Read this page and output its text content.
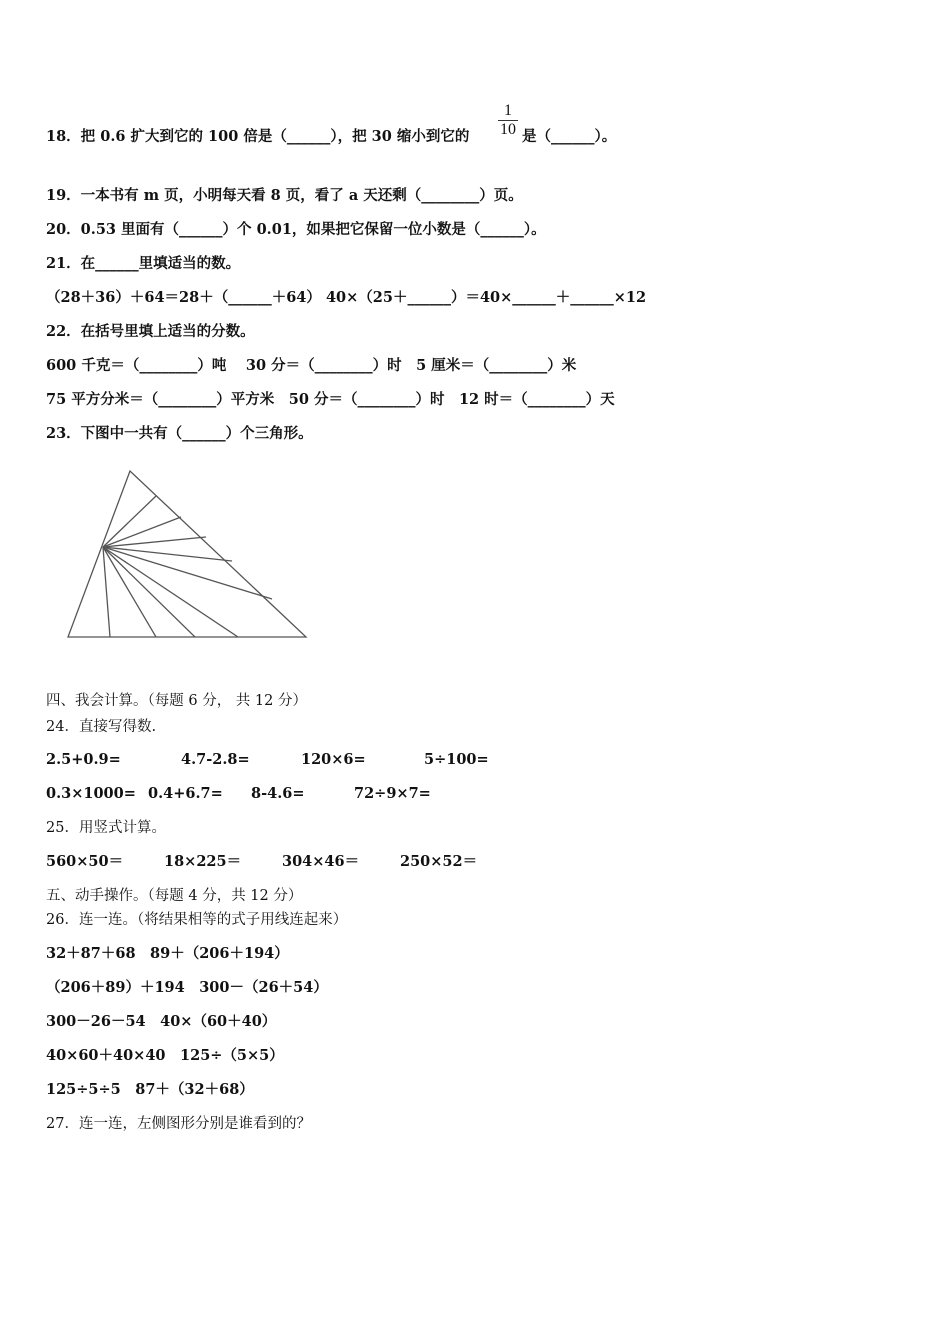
18．把 0.6 扩大到它的 100 倍是（______），把 30 缩小到它的
1
10 是（______）。
19．一本书有 m 页，小明每天看 8 页，看了 a 天还剩（________）页。
20．0.53 里面有（______）个 0.01，如果把它保留一位小数是（______）。
21．在______里填适当的数。
（28＋36）＋64＝28＋（______＋64） 40×（25＋______）＝40×______＋______×12
22．在括号里填上适当的分数。
600 千克＝（________）吨　 30 分＝（________）时　5 厘米＝（________）米
75 平方分米＝（________）平方米　50 分＝（________）时　12 时＝（________）天
23．下图中一共有（______）个三角形。
四、我会计算。（每题 6 分， 共 12 分）
24．直接写得数.
2.5+0.9=	4.7-2.8=	120×6=	5÷100=
0.3×1000= 0.4+6.7= 8-4.6=	72÷9×7=
25．用竖式计算。
560×50＝	18×225＝	304×46＝	250×52＝
五、动手操作。（每题 4 分，共 12 分）
26．连一连。（将结果相等的式子用线连起来）
32＋87＋68　89＋（206＋194）
（206＋89）＋194　300－（26＋54）
300－26－54　40×（60＋40）
40×60＋40×40　125÷（5×5）
125÷5÷5　87＋（32＋68）
27．连一连，左侧图形分别是谁看到的？
